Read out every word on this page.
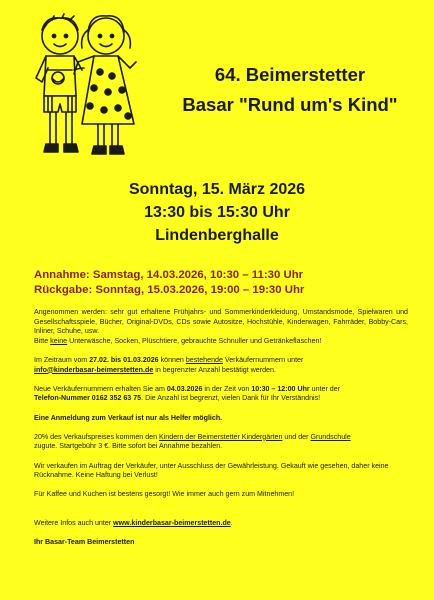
64. Beimerstetter
Basar "Rund um's Kind"
Sonntag, 15. März 2026
13:30 bis 15:30 Uhr
Lindenberghalle
Annahme: Samstag, 14.03.2026, 10:30 – 11:30 Uhr
Rückgabe: Sonntag, 15.03.2026, 19:00 – 19:30 Uhr

Angenommen werden: sehr gut erhaltene Frühjahrs- und Sommerkinderkleidung, Umstandsmode, Spielwaren und Gesellschaftsspiele, Bücher, Original-DVDs, CDs sowie Autositze, Hochstühle, Kinderwagen, Fahrräder, Bobby-Cars, Inliner, Schuhe, usw.
Bitte keine Unterwäsche, Socken, Plüschtiere, gebrauchte Schnuller und Getränkeflaschen!

Im Zeitraum vom 27.02. bis 01.03.2026 können bestehende Verkäufernummern unter
info@kinderbasar-beimerstetten.de in begrenzter Anzahl bestätigt werden.

Neue Verkäufernummern erhalten Sie am 04.03.2026 in der Zeit von 10:30 – 12:00 Uhr unter der
Telefon-Nummer 0162 352 63 75. Die Anzahl ist begrenzt, vielen Dank für Ihr Verständnis!

Eine Anmeldung zum Verkauf ist nur als Helfer möglich.

20% des Verkaufspreises kommen den Kindern der Beimerstetter Kindergärten und der Grundschule
zugute. Startgebühr 3 €. Bitte sofort bei Annahme bezahlen.

Wir verkaufen im Auftrag der Verkäufer, unter Ausschluss der Gewährleistung. Gekauft wie gesehen, daher keine Rücknahme. Keine Haftung bei Verlust!

Für Kaffee und Kuchen ist bestens gesorgt! Wie immer auch gern zum Mitnehmen!

Weitere Infos auch unter www.kinderbasar-beimerstetten.de.

Ihr Basar-Team Beimerstetten
